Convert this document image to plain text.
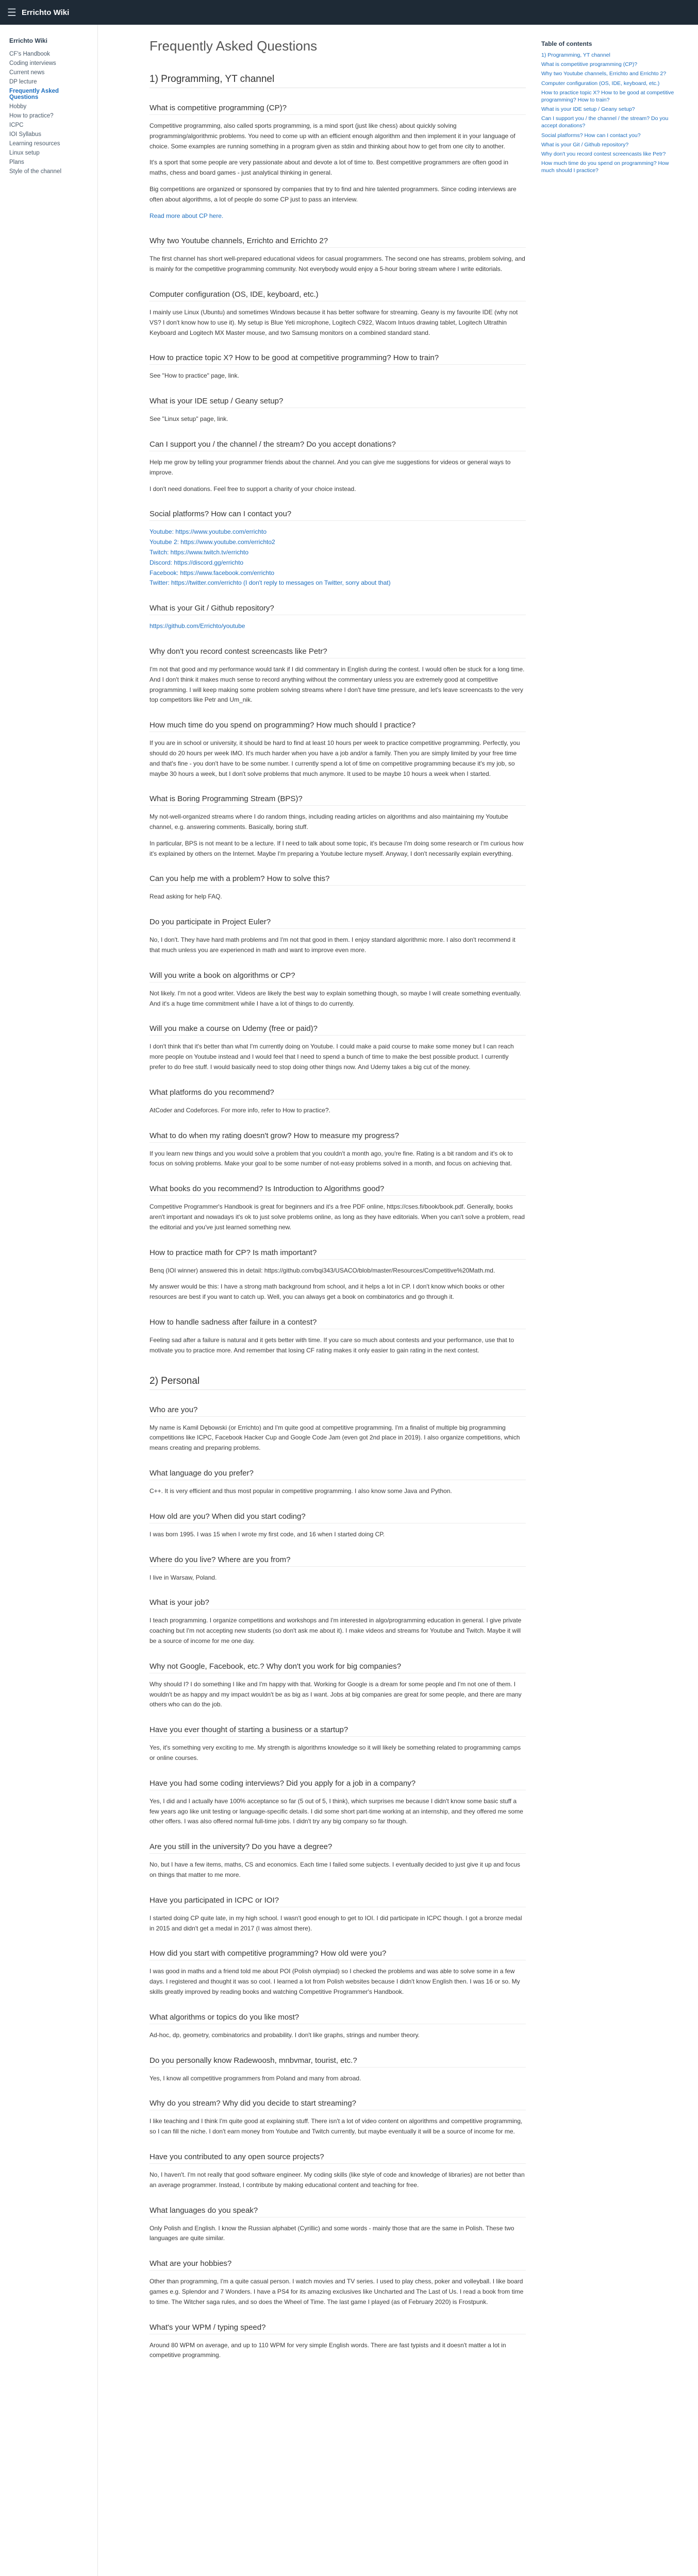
☰ Errichto Wiki
Errichto Wiki
CF's Handbook
Coding interviews
Current news
DP lecture
Frequently Asked Questions
Hobby
How to practice?
ICPC
IOI Syllabus
Learning resources
Linux setup
Plans
Style of the channel
Frequently Asked Questions
1) Programming, YT channel
What is competitive programming (CP)?

Competitive programming, also called sports programming, is a mind sport (just like chess) about quickly solving programming/algorithmic problems. You need to come up with an efficient enough algorithm and then implement it in your language of choice. Some examples are running something in a program given as stdin and thinking about how to get from one city to another.

It's a sport that some people are very passionate about and devote a lot of time to. Best competitive programmers are often good in maths, chess and board games - just analytical thinking in general.

Big competitions are organized or sponsored by companies that try to find and hire talented programmers. Since coding interviews are often about algorithms, a lot of people do some CP just to pass an interview.

Read more about CP here.

Why two Youtube channels, Errichto and Errichto 2?

The first channel has short well-prepared educational videos for casual programmers. The second one has streams, problem solving, and is mainly for the competitive programming community. Not everybody would enjoy a 5-hour boring stream where I write editorials.

Computer configuration (OS, IDE, keyboard, etc.)

I mainly use Linux (Ubuntu) and sometimes Windows because it has better software for streaming. Geany is my favourite IDE (why not VS? I don't know how to use it). My setup is Blue Yeti microphone, Logitech C922, Wacom Intuos drawing tablet, Logitech Ultrathin Keyboard and Logitech MX Master mouse, and two Samsung monitors on a combined standard stand.

How to practice topic X? How to be good at competitive programming? How to train?

See "How to practice" page, link.

What is your IDE setup / Geany setup?

See "Linux setup" page, link.

Can I support you / the channel / the stream? Do you accept donations?

Help me grow by telling your programmer friends about the channel. And you can give me suggestions for videos or general ways to improve.

I don't need donations. Feel free to support a charity of your choice instead.

Social platforms? How can I contact you?

Youtube: https://www.youtube.com/errichto
Youtube 2: https://www.youtube.com/errichto2
Twitch: https://www.twitch.tv/errichto
Discord: https://discord.gg/errichto
Facebook: https://www.facebook.com/errichto
Twitter: https://twitter.com/errichto (I don't reply to messages on Twitter, sorry about that)

What is your Git / Github repository?

https://github.com/Errichto/youtube

Why don't you record contest screencasts like Petr?

I'm not that good and my performance would tank if I did commentary in English during the contest. I would often be stuck for a long time. And I don't think it makes much sense to record anything without the commentary unless you are extremely good at competitive programming. I will keep making some problem solving streams where I don't have time pressure, and let's leave screencasts to the very top competitors like Petr and Um_nik.

How much time do you spend on programming? How much should I practice?

If you are in school or university, it should be hard to find at least 10 hours per week to practice competitive programming. Perfectly, you should do 20 hours per week IMO. It's much harder when you have a job and/or a family. Then you are simply limited by your free time and that's fine - you don't have to be some number. I currently spend a lot of time on competitive programming because it's my job, so maybe 30 hours a week, but I don't solve problems that much anymore. It used to be maybe 10 hours a week when I started.

What is Boring Programming Stream (BPS)?

My not-well-organized streams where I do random things, including reading articles on algorithms and also maintaining my Youtube channel, e.g. answering comments. Basically, boring stuff.

In particular, BPS is not meant to be a lecture. If I need to talk about some topic, it's because I'm doing some research or I'm curious how it's explained by others on the Internet. Maybe I'm preparing a Youtube lecture myself. Anyway, I don't necessarily explain everything.

Can you help me with a problem? How to solve this?

Read asking for help FAQ.

Do you participate in Project Euler?

No, I don't. They have hard math problems and I'm not that good in them. I enjoy standard algorithmic more. I also don't recommend it that much unless you are experienced in math and want to improve even more.

Will you write a book on algorithms or CP?

Not likely. I'm not a good writer. Videos are likely the best way to explain something though, so maybe I will create something eventually. And it's a huge time commitment while I have a lot of things to do currently.

Will you make a course on Udemy (free or paid)?

I don't think that it's better than what I'm currently doing on Youtube. I could make a paid course to make some money but I can reach more people on Youtube instead and I would feel that I need to spend a bunch of time to make the best possible product. I currently prefer to do free stuff. I would basically need to stop doing other things now. And Udemy takes a big cut of the money.

What platforms do you recommend?

AtCoder and Codeforces. For more info, refer to How to practice?.

What to do when my rating doesn't grow? How to measure my progress?

If you learn new things and you would solve a problem that you couldn't a month ago, you're fine. Rating is a bit random and it's ok to focus on solving problems. Make your goal to be some number of not-easy problems solved in a month, and focus on achieving that.

What books do you recommend? Is Introduction to Algorithms good?

Competitive Programmer's Handbook is great for beginners and it's a free PDF online, https://cses.fi/book/book.pdf. Generally, books aren't important and nowadays it's ok to just solve problems online, as long as they have editorials. When you can't solve a problem, read the editorial and you've just learned something new.

How to practice math for CP? Is math important?

Benq (IOI winner) answered this in detail: https://github.com/bqi343/USACO/blob/master/Resources/Competitive%20Math.md.

My answer would be this: I have a strong math background from school, and it helps a lot in CP. I don't know which books or other resources are best if you want to catch up. Well, you can always get a book on combinatorics and go through it.

How to handle sadness after failure in a contest?

Feeling sad after a failure is natural and it gets better with time. If you care so much about contests and your performance, use that to motivate you to practice more. And remember that losing CF rating makes it only easier to gain rating in the next contest.

2) Personal
Who are you?

My name is Kamil Dębowski (or Errichto) and I'm quite good at competitive programming. I'm a finalist of multiple big programming competitions like ICPC, Facebook Hacker Cup and Google Code Jam (even got 2nd place in 2019). I also organize competitions, which means creating and preparing problems.

What language do you prefer?

C++. It is very efficient and thus most popular in competitive programming. I also know some Java and Python.

How old are you? When did you start coding?

I was born 1995. I was 15 when I wrote my first code, and 16 when I started doing CP.

Where do you live? Where are you from?

I live in Warsaw, Poland.

What is your job?

I teach programming. I organize competitions and workshops and I'm interested in algo/programming education in general. I give private coaching but I'm not accepting new students (so don't ask me about it). I make videos and streams for Youtube and Twitch. Maybe it will be a source of income for me one day.

Why not Google, Facebook, etc.? Why don't you work for big companies?

Why should I? I do something I like and I'm happy with that. Working for Google is a dream for some people and I'm not one of them. I wouldn't be as happy and my impact wouldn't be as big as I want. Jobs at big companies are great for some people, and there are many others who can do the job.

Have you ever thought of starting a business or a startup?

Yes, it's something very exciting to me. My strength is algorithms knowledge so it will likely be something related to programming camps or online courses.

Have you had some coding interviews? Did you apply for a job in a company?

Yes, I did and I actually have 100% acceptance so far (5 out of 5, I think), which surprises me because I didn't know some basic stuff a few years ago like unit testing or language-specific details. I did some short part-time working at an internship, and they offered me some other offers. I was also offered normal full-time jobs. I didn't try any big company so far though.

Are you still in the university? Do you have a degree?

No, but I have a few items, maths, CS and economics. Each time I failed some subjects. I eventually decided to just give it up and focus on things that matter to me more.

Have you participated in ICPC or IOI?

I started doing CP quite late, in my high school. I wasn't good enough to get to IOI. I did participate in ICPC though. I got a bronze medal in 2015 and didn't get a medal in 2017 (I was almost there).

How did you start with competitive programming? How old were you?

I was good in maths and a friend told me about POI (Polish olympiad) so I checked the problems and was able to solve some in a few days. I registered and thought it was so cool. I learned a lot from Polish websites because I didn't know English then. I was 16 or so. My skills greatly improved by reading books and watching Competitive Programmer's Handbook.

What algorithms or topics do you like most?

Ad-hoc, dp, geometry, combinatorics and probability. I don't like graphs, strings and number theory.

Do you personally know Radewoosh, mnbvmar, tourist, etc.?

Yes, I know all competitive programmers from Poland and many from abroad.

Why do you stream? Why did you decide to start streaming?

I like teaching and I think I'm quite good at explaining stuff. There isn't a lot of video content on algorithms and competitive programming, so I can fill the niche. I don't earn money from Youtube and Twitch currently, but maybe eventually it will be a source of income for me.

Have you contributed to any open source projects?

No, I haven't. I'm not really that good software engineer. My coding skills (like style of code and knowledge of libraries) are not better than an average programmer. Instead, I contribute by making educational content and teaching for free.

What languages do you speak?

Only Polish and English. I know the Russian alphabet (Cyrillic) and some words - mainly those that are the same in Polish. These two languages are quite similar.

What are your hobbies?

Other than programming, I'm a quite casual person. I watch movies and TV series. I used to play chess, poker and volleyball. I like board games e.g. Splendor and 7 Wonders. I have a PS4 for its amazing exclusives like Uncharted and The Last of Us. I read a book from time to time. The Witcher saga rules, and so does the Wheel of Time. The last game I played (as of February 2020) is Frostpunk.

What's your WPM / typing speed?

Around 80 WPM on average, and up to 110 WPM for very simple English words. There are fast typists and it doesn't matter a lot in competitive programming.

Table of contents
1) Programming, YT channel
What is competitive programming (CP)?
Why two Youtube channels, Errichto and Errichto 2?
Computer configuration (OS, IDE, keyboard, etc.)
How to practice topic X? How to be good at competitive programming? How to train?
What is your IDE setup / Geany setup?
Can I support you / the channel / the stream? Do you accept donations?
Social platforms? How can I contact you?
What is your Git / Github repository?
Why don't you record contest screencasts like Petr?
How much time do you spend on programming? How much should I practice?
